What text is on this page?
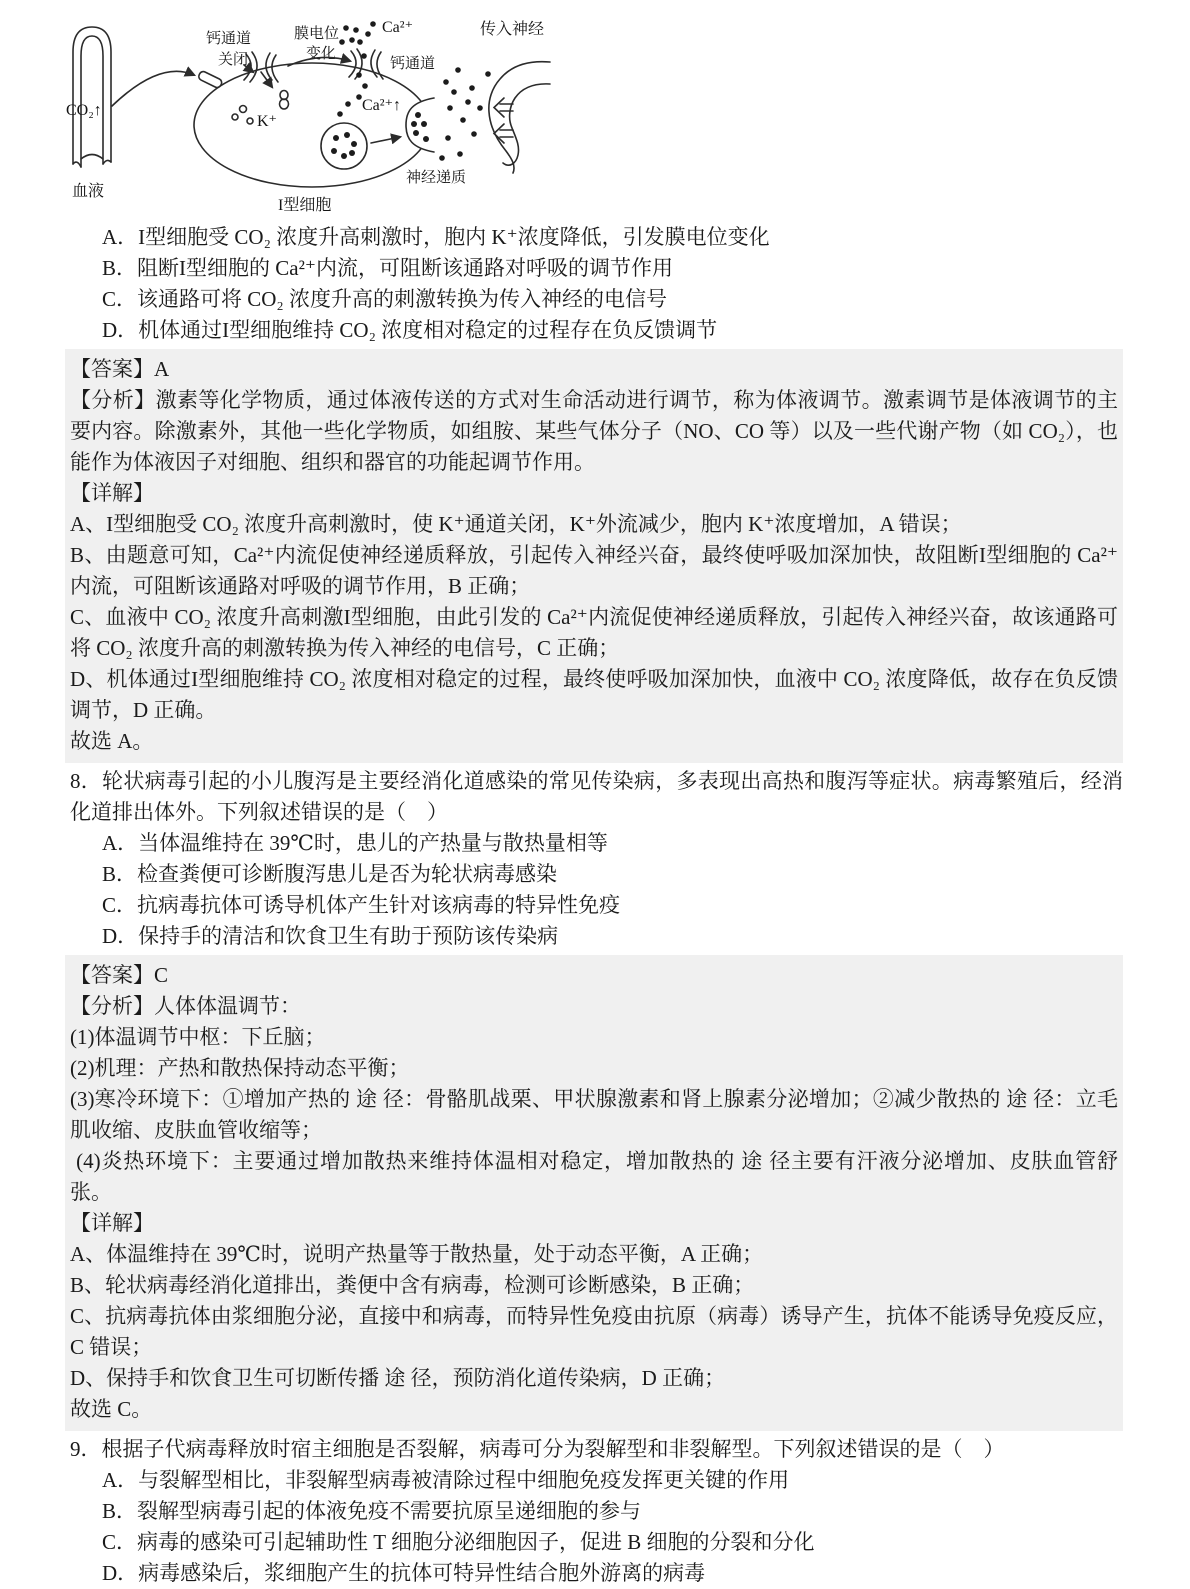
CO₂↑
血液
K⁺
钙通道
关闭
膜电位
变化
Ca²⁺
钙通道
Ca²⁺↑
神经递质
传入神经
I型细胞
A．I型细胞受 CO₂ 浓度升高刺激时，胞内 K⁺浓度降低，引发膜电位变化
B．阻断I型细胞的 Ca²⁺内流，可阻断该通路对呼吸的调节作用
C．该通路可将 CO₂ 浓度升高的刺激转换为传入神经的电信号
D．机体通过I型细胞维持 CO₂ 浓度相对稳定的过程存在负反馈调节
【答案】A
【分析】激素等化学物质，通过体液传送的方式对生命活动进行调节，称为体液调节。激素调节是体液调节的主要内容。除激素外，其他一些化学物质，如组胺、某些气体分子（NO、CO 等）以及一些代谢产物（如 CO₂），也能作为体液因子对细胞、组织和器官的功能起调节作用。
【详解】
A、I型细胞受 CO₂ 浓度升高刺激时，使 K⁺通道关闭，K⁺外流减少，胞内 K⁺浓度增加，A 错误；
B、由题意可知，Ca²⁺内流促使神经递质释放，引起传入神经兴奋，最终使呼吸加深加快，故阻断I型细胞的 Ca²⁺内流，可阻断该通路对呼吸的调节作用，B 正确；
C、血液中 CO₂ 浓度升高刺激I型细胞，由此引发的 Ca²⁺内流促使神经递质释放，引起传入神经兴奋，故该通路可将 CO₂ 浓度升高的刺激转换为传入神经的电信号，C 正确；
D、机体通过I型细胞维持 CO₂ 浓度相对稳定的过程，最终使呼吸加深加快，血液中 CO₂ 浓度降低，故存在负反馈调节，D 正确。
故选 A。
8．轮状病毒引起的小儿腹泻是主要经消化道感染的常见传染病，多表现出高热和腹泻等症状。病毒繁殖后，经消化道排出体外。下列叙述错误的是（　）
A．当体温维持在 39℃时，患儿的产热量与散热量相等
B．检查粪便可诊断腹泻患儿是否为轮状病毒感染
C．抗病毒抗体可诱导机体产生针对该病毒的特异性免疫
D．保持手的清洁和饮食卫生有助于预防该传染病
【答案】C
【分析】人体体温调节：
(1)体温调节中枢：下丘脑；
(2)机理：产热和散热保持动态平衡；
(3)寒冷环境下：①增加产热的 途 径：骨骼肌战栗、甲状腺激素和肾上腺素分泌增加；②减少散热的 途 径：立毛肌收缩、皮肤血管收缩等；
(4)炎热环境下：主要通过增加散热来维持体温相对稳定，增加散热的 途 径主要有汗液分泌增加、皮肤血管舒张。
【详解】
A、体温维持在 39℃时，说明产热量等于散热量，处于动态平衡，A 正确；
B、轮状病毒经消化道排出，粪便中含有病毒，检测可诊断感染，B 正确；
C、抗病毒抗体由浆细胞分泌，直接中和病毒，而特异性免疫由抗原（病毒）诱导产生，抗体不能诱导免疫反应，C 错误；
D、保持手和饮食卫生可切断传播 途 径，预防消化道传染病，D 正确；
故选 C。
9．根据子代病毒释放时宿主细胞是否裂解，病毒可分为裂解型和非裂解型。下列叙述错误的是（　）
A．与裂解型相比，非裂解型病毒被清除过程中细胞免疫发挥更关键的作用
B．裂解型病毒引起的体液免疫不需要抗原呈递细胞的参与
C．病毒的感染可引起辅助性 T 细胞分泌细胞因子，促进 B 细胞的分裂和分化
D．病毒感染后，浆细胞产生的抗体可特异性结合胞外游离的病毒
